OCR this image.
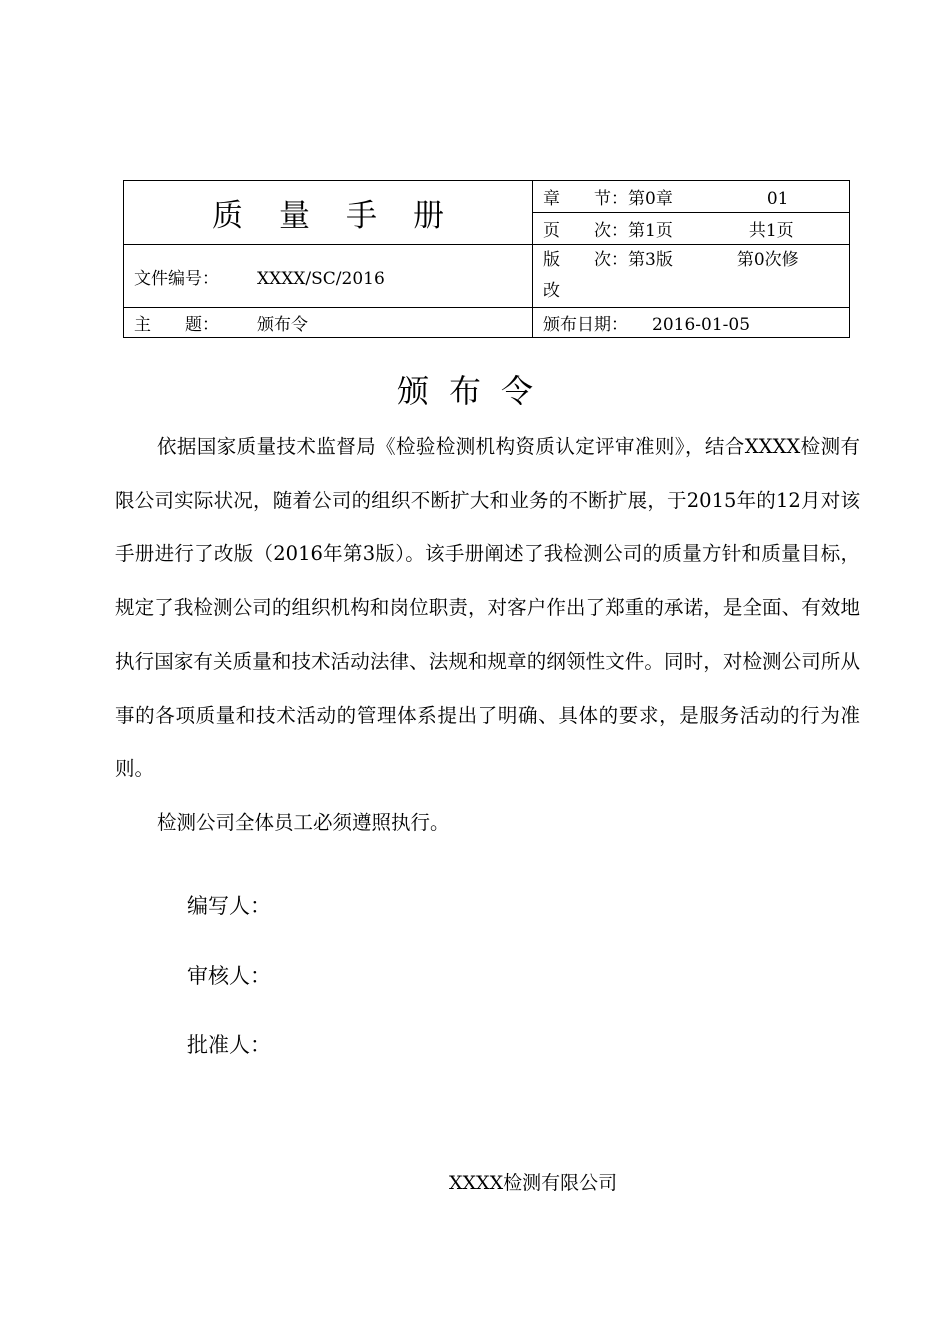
质量手册	章　　节：第0章 01
	页　　次：第1页 共1页
文件编号： XXXX/SC/2016	版　　次：第3版 第0次修
改

主　　题： 颁布令	颁布日期： 2016-01-05
颁布令

依据国家质量技术监督局《检验检测机构资质认定评审准则》，结合XXXX检测有限公司实际状况，随着公司的组织不断扩大和业务的不断扩展，于2015年的12月对该手册进行了改版（2016年第3版）。该手册阐述了我检测公司的质量方针和质量目标，规定了我检测公司的组织机构和岗位职责，对客户作出了郑重的承诺，是全面、有效地执行国家有关质量和技术活动法律、法规和规章的纲领性文件。同时，对检测公司所从事的各项质量和技术活动的管理体系提出了明确、具体的要求，是服务活动的行为准则。

检测公司全体员工必须遵照执行。

编写人：
审核人：
批准人：
XXXX检测有限公司
